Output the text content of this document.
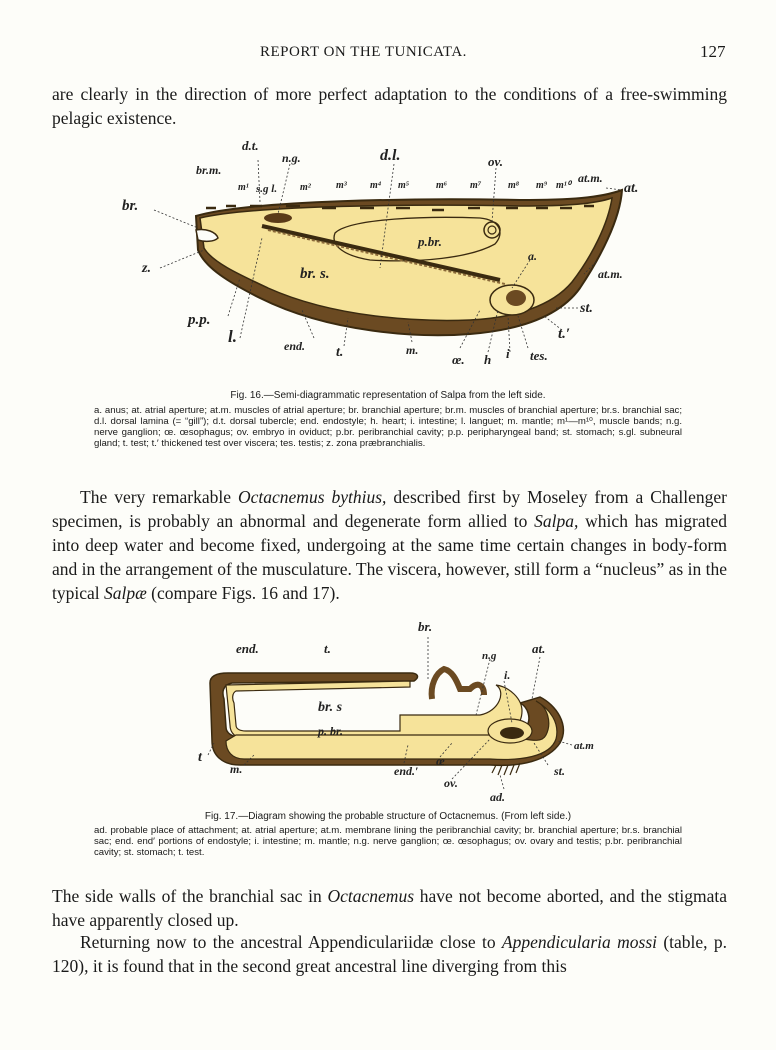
REPORT ON THE TUNICATA.	127

are clearly in the direction of more perfect adaptation to the conditions of a free-swimming pelagic existence.

d.t.
n.g.	d.l.	ov.
br.m.
m¹ s.g l. m²	m³ m⁴ m⁵	m⁶ m⁷	m⁸ m⁹ m¹⁰
at.m.
at.
br.
p.br.
br. s.
z.
a.
at.m.
st.
p.p.
l.	end. t.
t.′
m.
œ. h i tes.
Fig. 16.—Semi-diagrammatic representation of Salpa from the left side.

a. anus; at. atrial aperture; at.m. muscles of atrial aperture; br. branchial aperture; br.m. muscles of branchial aperture; br.s. branchial sac; d.l. dorsal lamina (= “gill”); d.t. dorsal tubercle; end. endostyle; h. heart; i. intestine; l. languet; m. mantle; m¹—m¹⁰, muscle bands; n.g. nerve ganglion; œ. œsophagus; ov. embryo in oviduct; p.br. peribranchial cavity; p.p. peripharyngeal band; st. stomach; s.gl. subneural gland; t. test; t.′ thickened test over viscera; tes. testis; z. zona præbranchialis.

The very remarkable Octacnemus bythius, described first by Moseley from a Challenger specimen, is probably an abnormal and degenerate form allied to Salpa, which has migrated into deep water and become fixed, undergoing at the same time certain changes in body-form and in the arrangement of the musculature. The viscera, however, still form a “nucleus” as in the typical Salpæ (compare Figs. 16 and 17).

br.
end.	t.	n.g	at.
i.
br. s
p. br.
t
m.	end.′
œ
ov.
at.m
st.
ad.
Fig. 17.—Diagram showing the probable structure of Octacnemus. (From left side.)

ad. probable place of attachment; at. atrial aperture; at.m. membrane lining the peribranchial cavity; br. branchial aperture; br.s. branchial sac; end. end′ portions of endostyle; i. intestine; m. mantle; n.g. nerve ganglion; œ. œsophagus; ov. ovary and testis; p.br. peribranchial cavity; st. stomach; t. test.

The side walls of the branchial sac in Octacnemus have not become aborted, and the stigmata have apparently closed up.

Returning now to the ancestral Appendiculariidæ close to Appendicularia mossi (table, p. 120), it is found that in the second great ancestral line diverging from this
